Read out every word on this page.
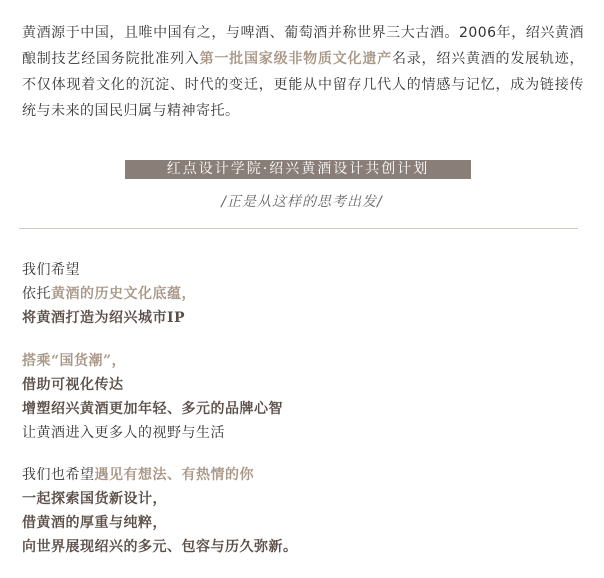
黄酒源于中国，且唯中国有之，与啤酒、葡萄酒并称世界三大古酒。2006年，绍兴黄酒酿制技艺经国务院批准列入第一批国家级非物质文化遗产名录，绍兴黄酒的发展轨迹，不仅体现着文化的沉淀、时代的变迁，更能从中留存几代人的情感与记忆，成为链接传统与未来的国民归属与精神寄托。

红点设计学院·绍兴黄酒设计共创计划
/正是从这样的思考出发/
我们希望
依托黄酒的历史文化底蕴，
将黄酒打造为绍兴城市IP
搭乘“国货潮”，
借助可视化传达
增塑绍兴黄酒更加年轻、多元的品牌心智
让黄酒进入更多人的视野与生活
我们也希望遇见有想法、有热情的你
一起探索国货新设计，
借黄酒的厚重与纯粹，
向世界展现绍兴的多元、包容与历久弥新。
